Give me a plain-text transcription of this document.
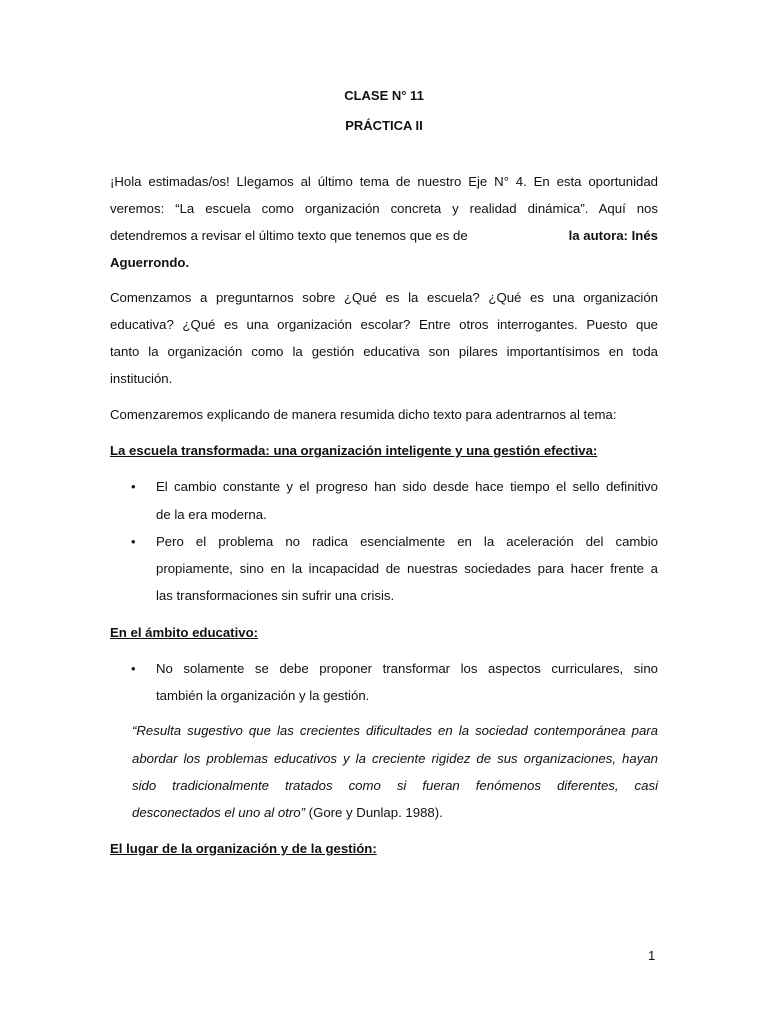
CLASE N° 11
PRÁCTICA II
¡Hola estimadas/os! Llegamos al último tema de nuestro Eje N° 4. En esta oportunidad
veremos: “La escuela como organización concreta y realidad dinámica”. Aquí nos
detendremos a revisar el último texto que tenemos que es de	la autora: Inés
Aguerrondo.
Comenzamos a preguntarnos sobre ¿Qué es la escuela? ¿Qué es una organización
educativa? ¿Qué es una organización escolar? Entre otros interrogantes. Puesto que
tanto la organización como la gestión educativa son pilares importantísimos en toda
institución.
Comenzaremos explicando de manera resumida dicho texto para adentrarnos al tema:
La escuela transformada: una organización inteligente y una gestión efectiva:
• El cambio constante y el progreso han sido desde hace tiempo el sello definitivo
de la era moderna.
• Pero el problema no radica esencialmente en la aceleración del cambio
propiamente, sino en la incapacidad de nuestras sociedades para hacer frente a
las transformaciones sin sufrir una crisis.
En el ámbito educativo:
• No solamente se debe proponer transformar los aspectos curriculares, sino
también la organización y la gestión.
“Resulta sugestivo que las crecientes dificultades en la sociedad contemporánea para
abordar los problemas educativos y la creciente rigidez de sus organizaciones, hayan
sido tradicionalmente tratados como si fueran fenómenos diferentes, casi
desconectados el uno al otro” (Gore y Dunlap. 1988).
El lugar de la organización y de la gestión:
1
